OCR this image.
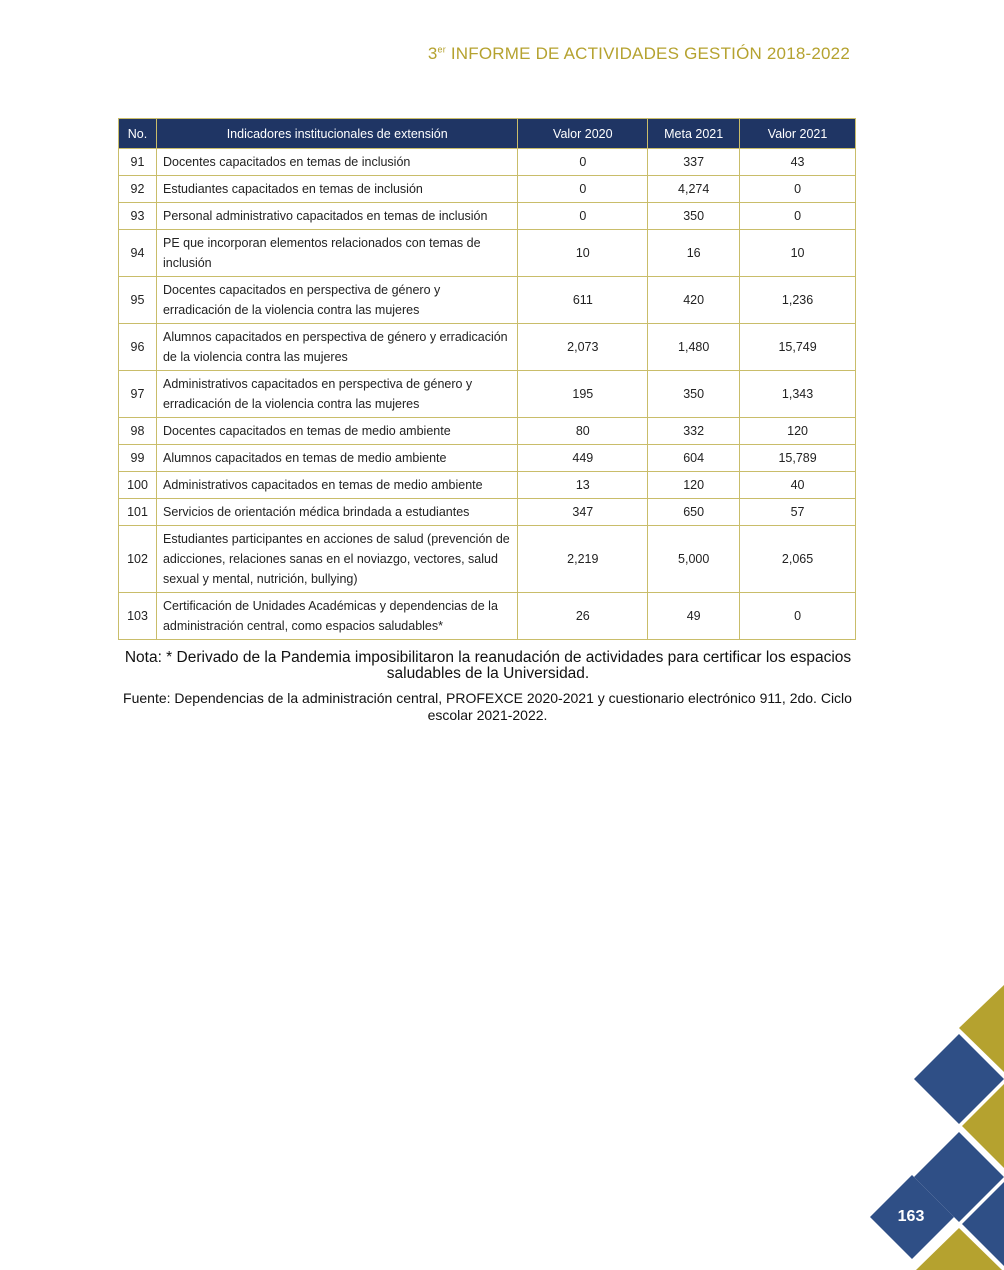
3er INFORME DE ACTIVIDADES GESTIÓN 2018-2022
No.	Indicadores institucionales de extensión	Valor 2020	Meta 2021	Valor 2021
91	Docentes capacitados en temas de inclusión	0	337	43
92	Estudiantes capacitados en temas de inclusión	0	4,274	0
93	Personal administrativo capacitados en temas de inclusión	0	350	0
94	PE que incorporan elementos relacionados con temas de inclusión	10	16	10
95	Docentes capacitados en perspectiva de género y erradicación de la violencia contra las mujeres	611	420	1,236
96	Alumnos capacitados en perspectiva de género y erradicación de la violencia contra las mujeres	2,073	1,480	15,749
97	Administrativos capacitados en perspectiva de género y erradicación de la violencia contra las mujeres	195	350	1,343
98	Docentes capacitados en temas de medio ambiente	80	332	120
99	Alumnos capacitados en temas de medio ambiente	449	604	15,789
100	Administrativos capacitados en temas de medio ambiente	13	120	40
101	Servicios de orientación médica brindada a estudiantes	347	650	57
102	Estudiantes participantes en acciones de salud (prevención de adicciones, relaciones sanas en el noviazgo, vectores, salud sexual y mental, nutrición, bullying)	2,219	5,000	2,065
103	Certificación de Unidades Académicas y dependencias de la administración central, como espacios saludables*	26	49	0
Nota: * Derivado de la Pandemia imposibilitaron la reanudación de actividades para certificar los espacios saludables de la Universidad.
Fuente: Dependencias de la administración central, PROFEXCE 2020-2021 y cuestionario electrónico 911, 2do. Ciclo escolar 2021-2022.
163
